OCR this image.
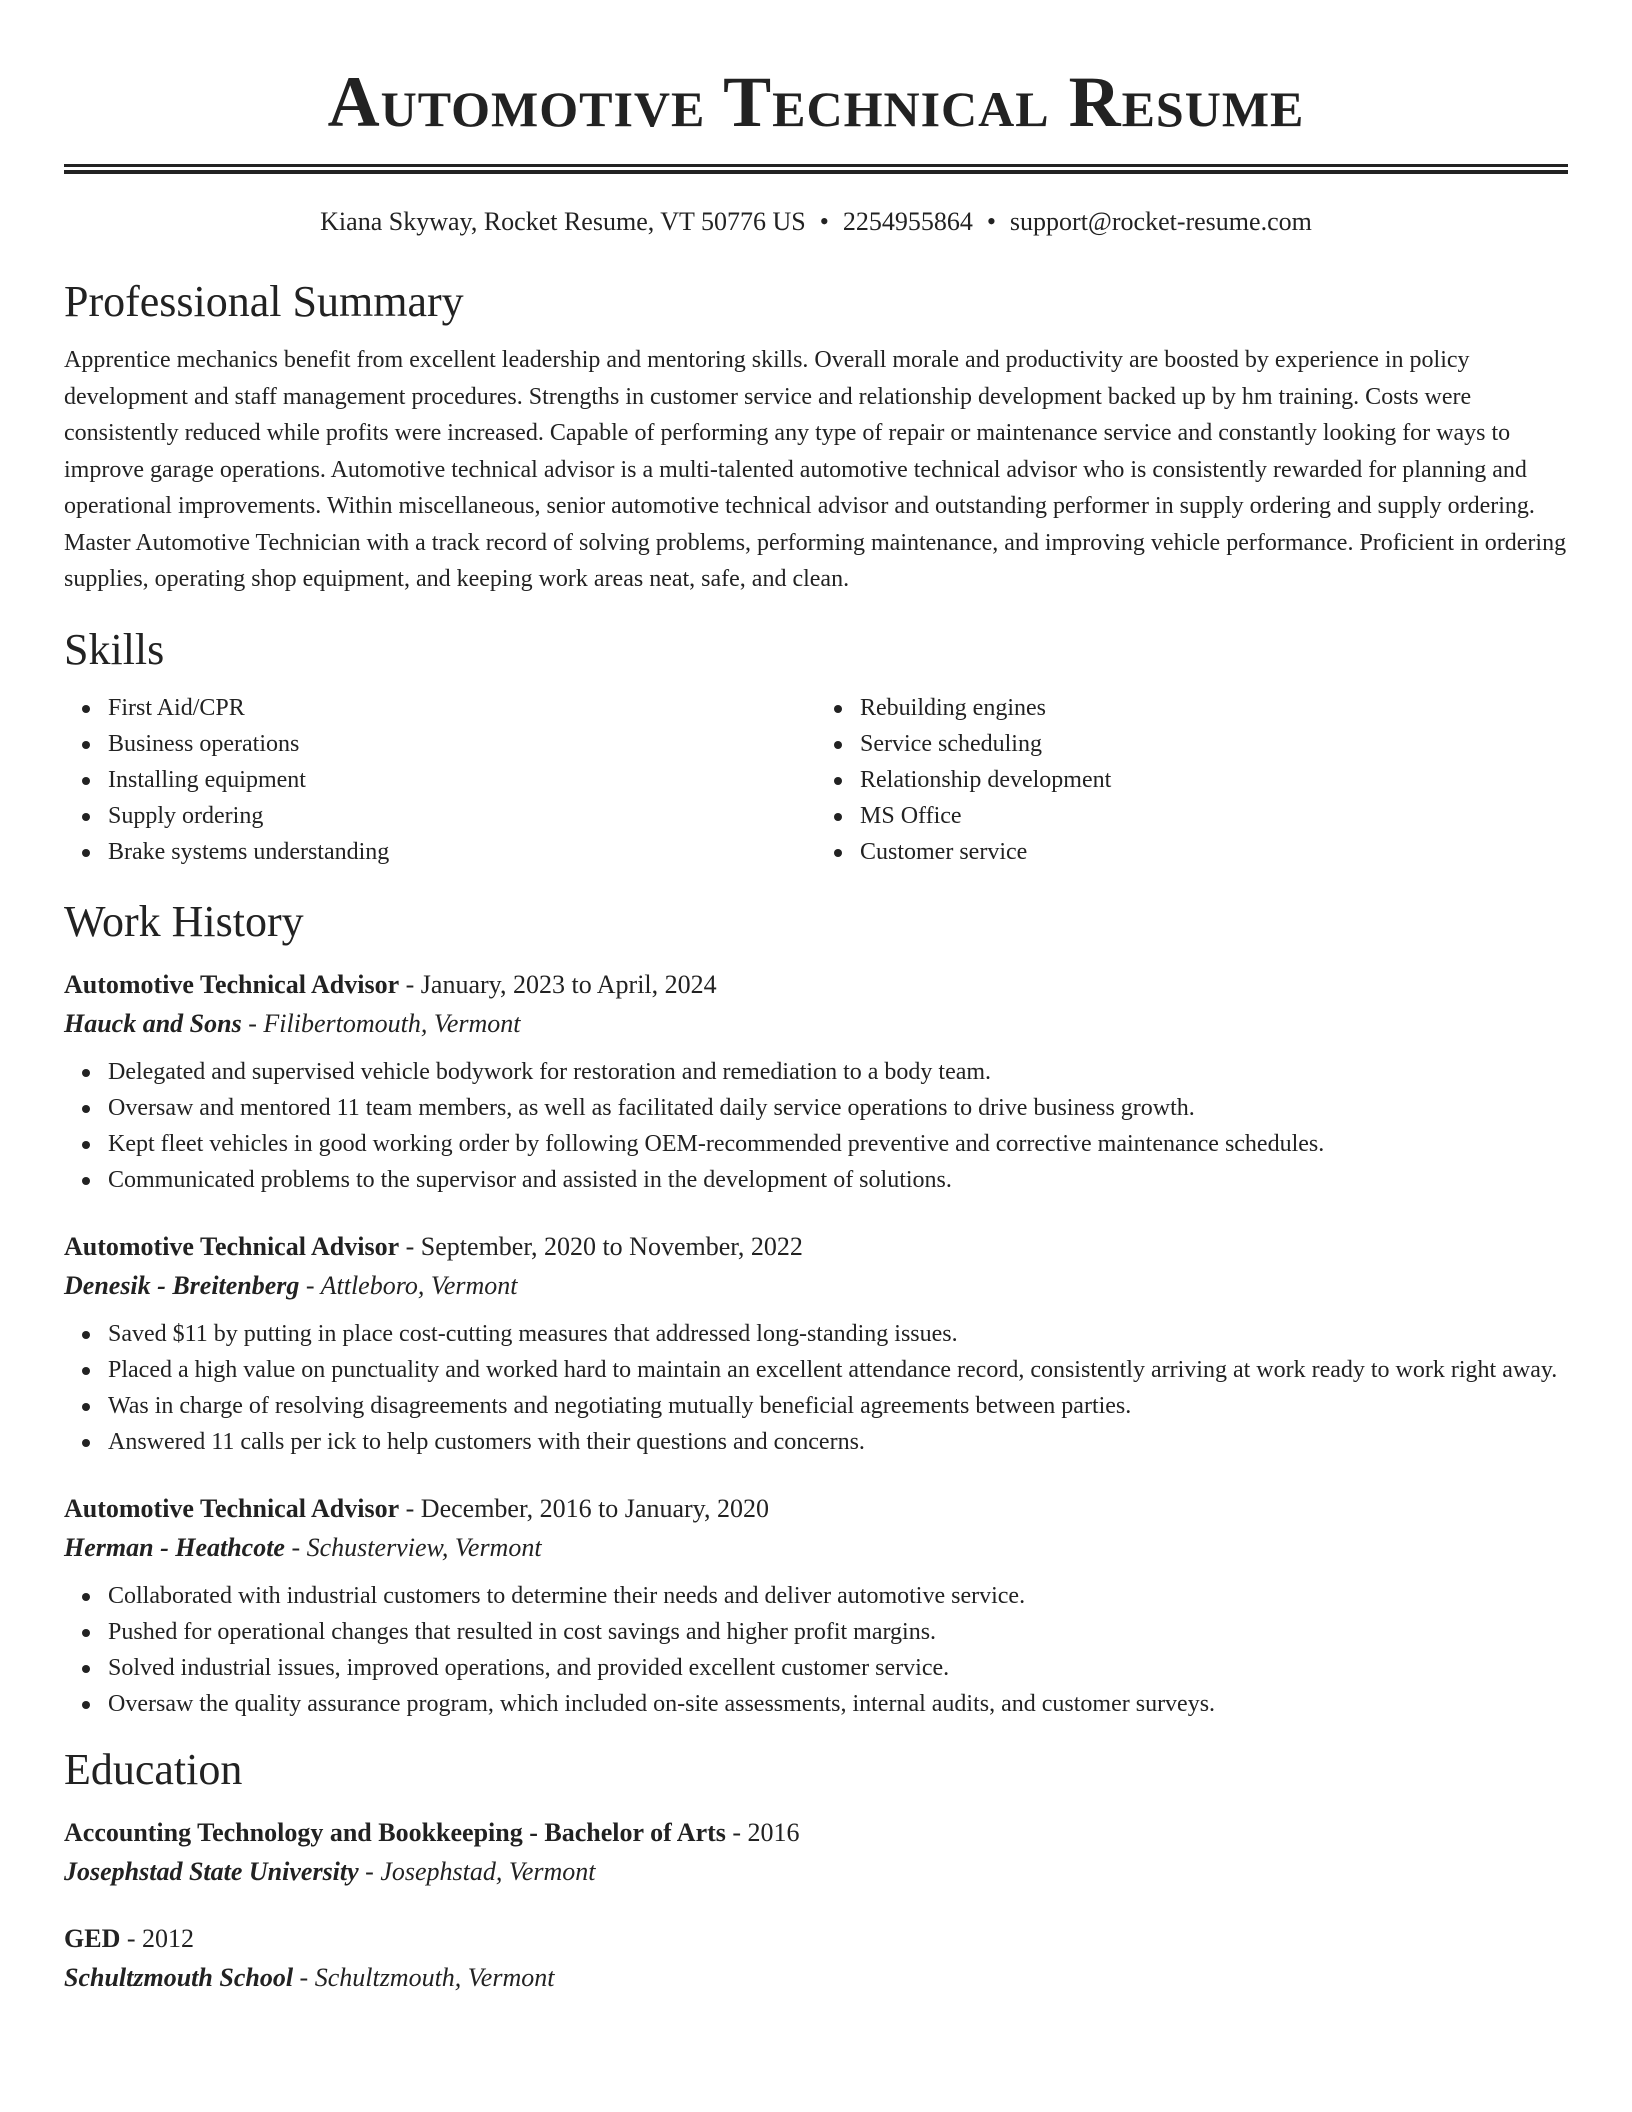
Automotive Technical Resume
Kiana Skyway, Rocket Resume, VT 50776 US • 2254955864 • support@rocket-resume.com
Professional Summary
Apprentice mechanics benefit from excellent leadership and mentoring skills. Overall morale and productivity are boosted by experience in policy development and staff management procedures. Strengths in customer service and relationship development backed up by hm training. Costs were consistently reduced while profits were increased. Capable of performing any type of repair or maintenance service and constantly looking for ways to improve garage operations. Automotive technical advisor is a multi-talented automotive technical advisor who is consistently rewarded for planning and operational improvements. Within miscellaneous, senior automotive technical advisor and outstanding performer in supply ordering and supply ordering. Master Automotive Technician with a track record of solving problems, performing maintenance, and improving vehicle performance. Proficient in ordering supplies, operating shop equipment, and keeping work areas neat, safe, and clean.
Skills
First Aid/CPR
Business operations
Installing equipment
Supply ordering
Brake systems understanding
Rebuilding engines
Service scheduling
Relationship development
MS Office
Customer service
Work History
Automotive Technical Advisor - January, 2023 to April, 2024
Hauck and Sons - Filibertomouth, Vermont
Delegated and supervised vehicle bodywork for restoration and remediation to a body team.
Oversaw and mentored 11 team members, as well as facilitated daily service operations to drive business growth.
Kept fleet vehicles in good working order by following OEM-recommended preventive and corrective maintenance schedules.
Communicated problems to the supervisor and assisted in the development of solutions.
Automotive Technical Advisor - September, 2020 to November, 2022
Denesik - Breitenberg - Attleboro, Vermont
Saved $11 by putting in place cost-cutting measures that addressed long-standing issues.
Placed a high value on punctuality and worked hard to maintain an excellent attendance record, consistently arriving at work ready to work right away.
Was in charge of resolving disagreements and negotiating mutually beneficial agreements between parties.
Answered 11 calls per ick to help customers with their questions and concerns.
Automotive Technical Advisor - December, 2016 to January, 2020
Herman - Heathcote - Schusterview, Vermont
Collaborated with industrial customers to determine their needs and deliver automotive service.
Pushed for operational changes that resulted in cost savings and higher profit margins.
Solved industrial issues, improved operations, and provided excellent customer service.
Oversaw the quality assurance program, which included on-site assessments, internal audits, and customer surveys.
Education
Accounting Technology and Bookkeeping - Bachelor of Arts - 2016
Josephstad State University - Josephstad, Vermont
GED - 2012
Schultzmouth School - Schultzmouth, Vermont
